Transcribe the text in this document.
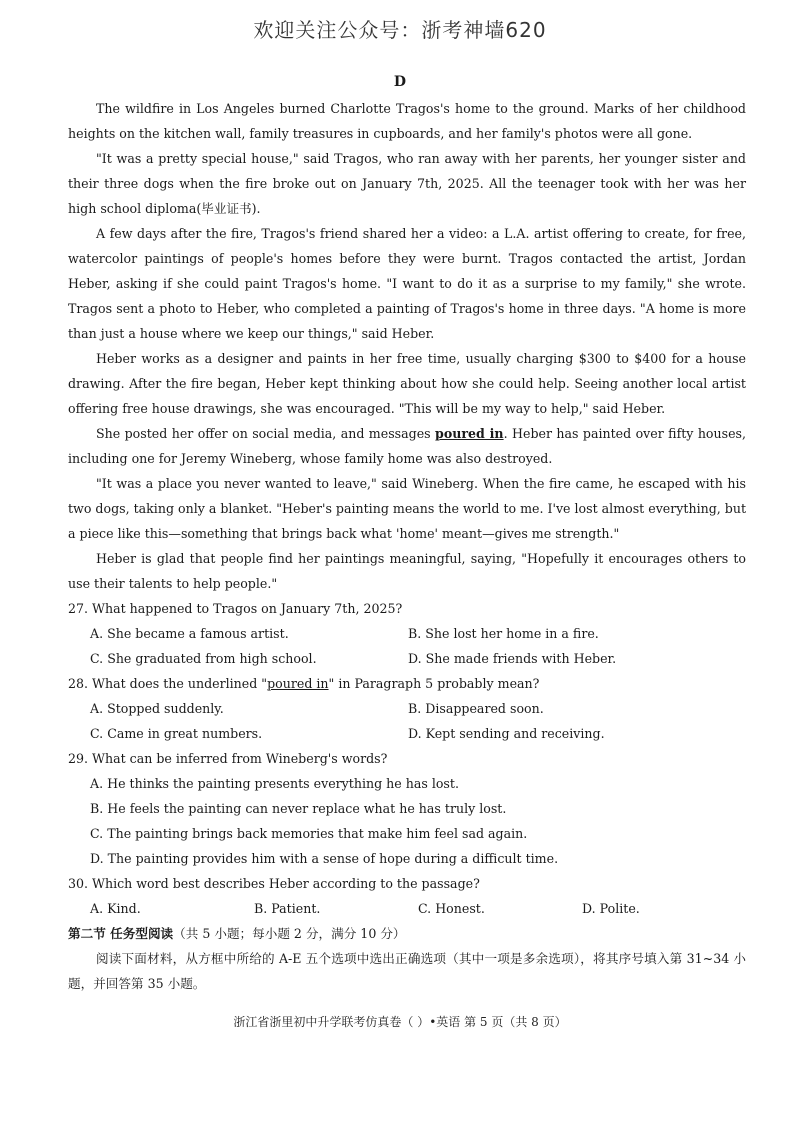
欢迎关注公众号：浙考神墙620
D

The wildfire in Los Angeles burned Charlotte Tragos's home to the ground. Marks of her childhood heights on the kitchen wall, family treasures in cupboards, and her family's photos were all gone.

"It was a pretty special house," said Tragos, who ran away with her parents, her younger sister and their three dogs when the fire broke out on January 7th, 2025. All the teenager took with her was her high school diploma(毕业证书).

A few days after the fire, Tragos's friend shared her a video: a L.A. artist offering to create, for free, watercolor paintings of people's homes before they were burnt. Tragos contacted the artist, Jordan Heber, asking if she could paint Tragos's home. "I want to do it as a surprise to my family," she wrote. Tragos sent a photo to Heber, who completed a painting of Tragos's home in three days. "A home is more than just a house where we keep our things," said Heber.

Heber works as a designer and paints in her free time, usually charging $300 to $400 for a house drawing. After the fire began, Heber kept thinking about how she could help. Seeing another local artist offering free house drawings, she was encouraged. "This will be my way to help," said Heber.

She posted her offer on social media, and messages poured in. Heber has painted over fifty houses, including one for Jeremy Wineberg, whose family home was also destroyed.

"It was a place you never wanted to leave," said Wineberg. When the fire came, he escaped with his two dogs, taking only a blanket. "Heber's painting means the world to me. I've lost almost everything, but a piece like this—something that brings back what 'home' meant—gives me strength."

Heber is glad that people find her paintings meaningful, saying, "Hopefully it encourages others to use their talents to help people."

27. What happened to Tragos on January 7th, 2025?
A. She became a famous artist.	B. She lost her home in a fire.
C. She graduated from high school.	D. She made friends with Heber.
28. What does the underlined "poured in" in Paragraph 5 probably mean?
A. Stopped suddenly.	B. Disappeared soon.
C. Came in great numbers.	D. Kept sending and receiving.
29. What can be inferred from Wineberg's words?
A. He thinks the painting presents everything he has lost.
B. He feels the painting can never replace what he has truly lost.
C. The painting brings back memories that make him feel sad again.
D. The painting provides him with a sense of hope during a difficult time.
30. Which word best describes Heber according to the passage?
A. Kind.	B. Patient.	C. Honest.	D. Polite.
第二节 任务型阅读（共 5 小题；每小题 2 分，满分 10 分）

阅读下面材料，从方框中所给的 A-E 五个选项中选出正确选项（其中一项是多余选项），将其序号填入第 31~34 小题，并回答第 35 小题。

浙江省浙里初中升学联考仿真卷（ ）•英语 第 5 页（共 8 页）
